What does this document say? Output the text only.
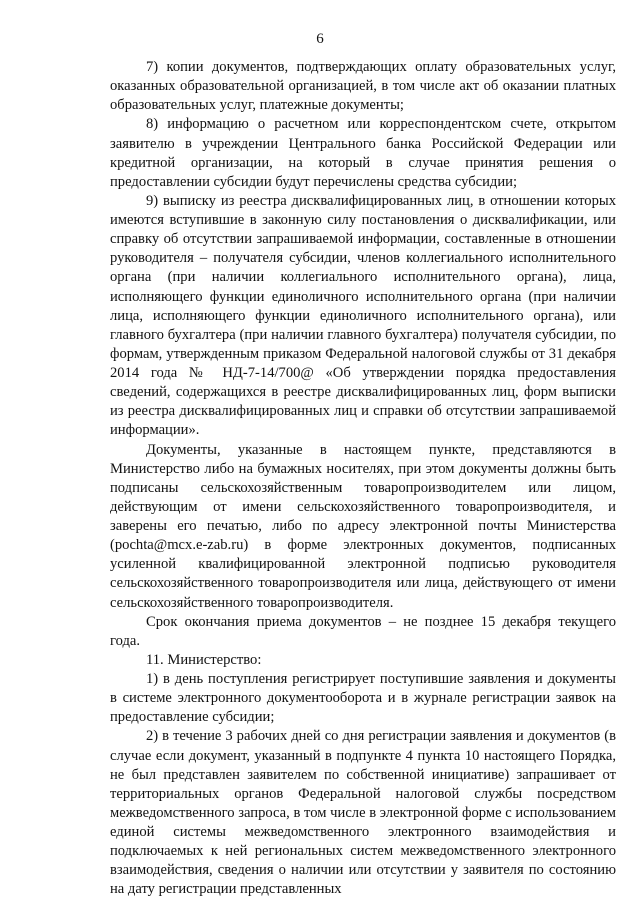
6

7) копии документов, подтверждающих оплату образовательных услуг, оказанных образовательной организацией, в том числе акт об оказании платных образовательных услуг, платежные документы;

8) информацию о расчетном или корреспондентском счете, открытом заявителю в учреждении Центрального банка Российской Федерации или кредитной организации, на который в случае принятия решения о предоставлении субсидии будут перечислены средства субсидии;

9) выписку из реестра дисквалифицированных лиц, в отношении которых имеются вступившие в законную силу постановления о дисквалификации, или справку об отсутствии запрашиваемой информации, составленные в отношении руководителя – получателя субсидии, членов коллегиального исполнительного органа (при наличии коллегиального исполнительного органа), лица, исполняющего функции единоличного исполнительного органа (при наличии лица, исполняющего функции единоличного исполнительного органа), или главного бухгалтера (при наличии главного бухгалтера) получателя субсидии, по формам, утвержденным приказом Федеральной налоговой службы от 31 декабря 2014 года № НД-7-14/700@ «Об утверждении порядка предоставления сведений, содержащихся в реестре дисквалифицированных лиц, форм выписки из реестра дисквалифицированных лиц и справки об отсутствии запрашиваемой информации».

Документы, указанные в настоящем пункте, представляются в Министерство либо на бумажных носителях, при этом документы должны быть подписаны сельскохозяйственным товаропроизводителем или лицом, действующим от имени сельскохозяйственного товаропроизводителя, и заверены его печатью, либо по адресу электронной почты Министерства (pochta@mcx.e-zab.ru) в форме электронных документов, подписанных усиленной квалифицированной электронной подписью руководителя сельскохозяйственного товаропроизводителя или лица, действующего от имени сельскохозяйственного товаропроизводителя.

Срок окончания приема документов – не позднее 15 декабря текущего года.

11. Министерство:

1) в день поступления регистрирует поступившие заявления и документы в системе электронного документооборота и в журнале регистрации заявок на предоставление субсидии;

2) в течение 3 рабочих дней со дня регистрации заявления и документов (в случае если документ, указанный в подпункте 4 пункта 10 настоящего Порядка, не был представлен заявителем по собственной инициативе) запрашивает от территориальных органов Федеральной налоговой службы посредством межведомственного запроса, в том числе в электронной форме с использованием единой системы межведомственного электронного взаимодействия и подключаемых к ней региональных систем межведомственного электронного взаимодействия, сведения о наличии или отсутствии у заявителя по состоянию на дату регистрации представленных
